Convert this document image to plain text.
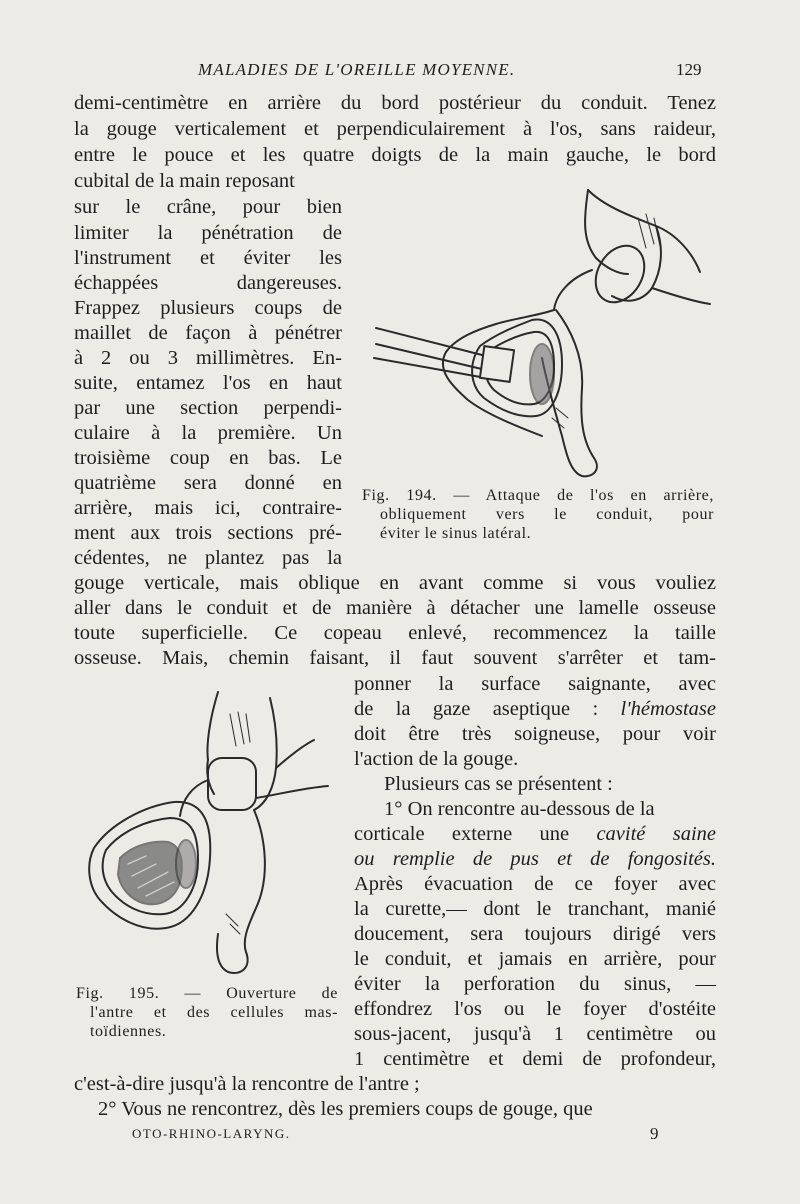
MALADIES DE L'OREILLE MOYENNE.	129
demi-centimètre en arrière du bord postérieur du conduit. Tenez
la gouge verticalement et perpendiculairement à l'os, sans raideur,
entre le pouce et les quatre doigts de la main gauche, le bord
cubital de la main reposant
sur le crâne, pour bien
limiter la pénétration de
l'instrument et éviter les
échappées dangereuses.
Frappez plusieurs coups de
maillet de façon à pénétrer
à 2 ou 3 millimètres. En-
suite, entamez l'os en haut
par une section perpendi-
culaire à la première. Un
troisième coup en bas. Le
quatrième sera donné en
arrière, mais ici, contraire-
ment aux trois sections pré-
cédentes, ne plantez pas la
Fig. 194. — Attaque de l'os en arrière,
obliquement vers le conduit, pour
éviter le sinus latéral.
gouge verticale, mais oblique en avant comme si vous vouliez
aller dans le conduit et de manière à détacher une lamelle osseuse
toute superficielle. Ce copeau enlevé, recommencez la taille
osseuse. Mais, chemin faisant, il faut souvent s'arrêter et tam-
ponner la surface saignante, avec
de la gaze aseptique : l'hémostase
doit être très soigneuse, pour voir
l'action de la gouge.
Plusieurs cas se présentent :
1° On rencontre au-dessous de la
corticale externe une cavité saine
ou remplie de pus et de fongosités.
Après évacuation de ce foyer avec
la curette,— dont le tranchant, manié
doucement, sera toujours dirigé vers
le conduit, et jamais en arrière, pour
éviter la perforation du sinus, —
effondrez l'os ou le foyer d'ostéite
sous-jacent, jusqu'à 1 centimètre ou
1 centimètre et demi de profondeur,
Fig. 195. — Ouverture de
l'antre et des cellules mas-
toïdiennes.
c'est-à-dire jusqu'à la rencontre de l'antre ;
2° Vous ne rencontrez, dès les premiers coups de gouge, que
OTO-RHINO-LARYNG.	9
